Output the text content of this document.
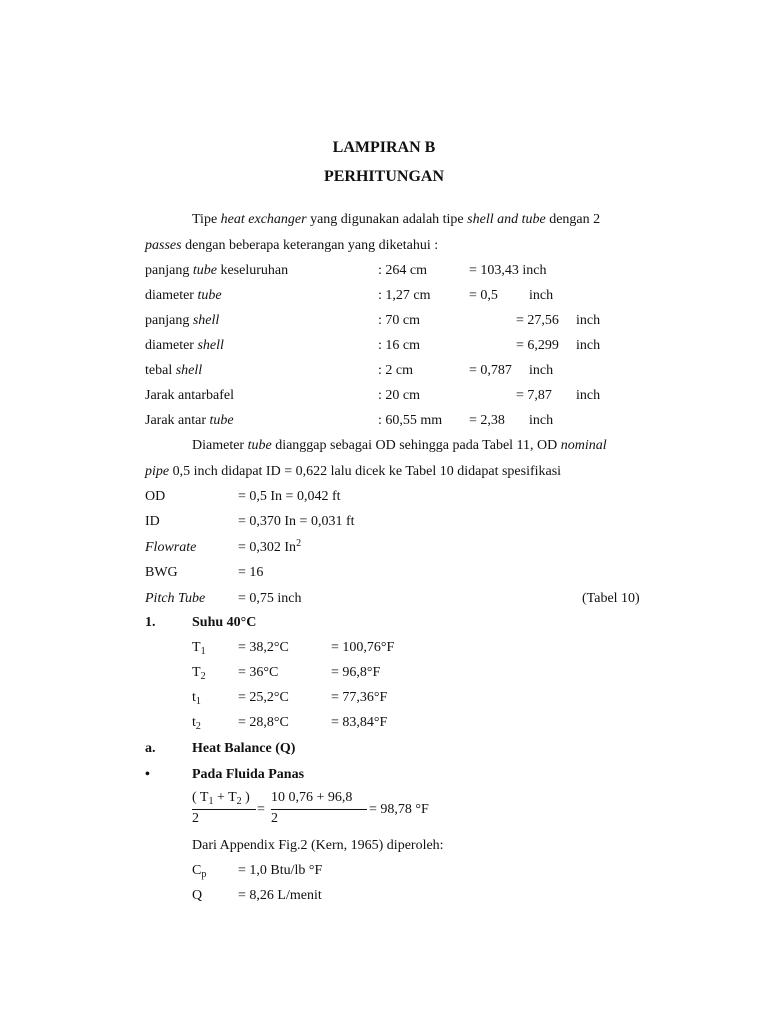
LAMPIRAN B
PERHITUNGAN
Tipe heat exchanger yang digunakan adalah tipe shell and tube dengan 2
passes dengan beberapa keterangan yang diketahui :
panjang tube keseluruhan	: 264 cm	= 103,43 inch
diameter tube	: 1,27 cm	= 0,5 inch
panjang shell	: 70 cm	= 27,56 inch
diameter shell	: 16 cm	= 6,299 inch
tebal shell	: 2 cm	= 0,787 inch
Jarak antarbafel	: 20 cm	= 7,87 inch
Jarak antar tube	: 60,55 mm = 2,38 inch
Diameter tube dianggap sebagai OD sehingga pada Tabel 11, OD nominal
pipe 0,5 inch didapat ID = 0,622 lalu dicek ke Tabel 10 didapat spesifikasi
OD	= 0,5 In = 0,042 ft
ID	= 0,370 In = 0,031 ft
Flowrate	= 0,302 In$^2$
BWG	= 16
Pitch Tube = 0,75 inch	(Tabel 10)
1.	Suhu 40°C
$T_1 = 38,2^\circ C$	= 100,76°F
$T_2 = 36^\circ C$	= 96,8°F
$t_1$	= 25,2°C	= 77,36°F
$t_2$	= 28,8°C	= 83,84°F
a.	Heat Balance (Q)
•	Pada Fluida Panas
( $T_1 + T_2$ )
2
=
10 0,76 + 96,8
2
= 98,78 °F
Dari Appendix Fig.2 (Kern, 1965) diperoleh:
$C_p = 1,0$ Btu/lb °F
Q	= 8,26 L/menit
